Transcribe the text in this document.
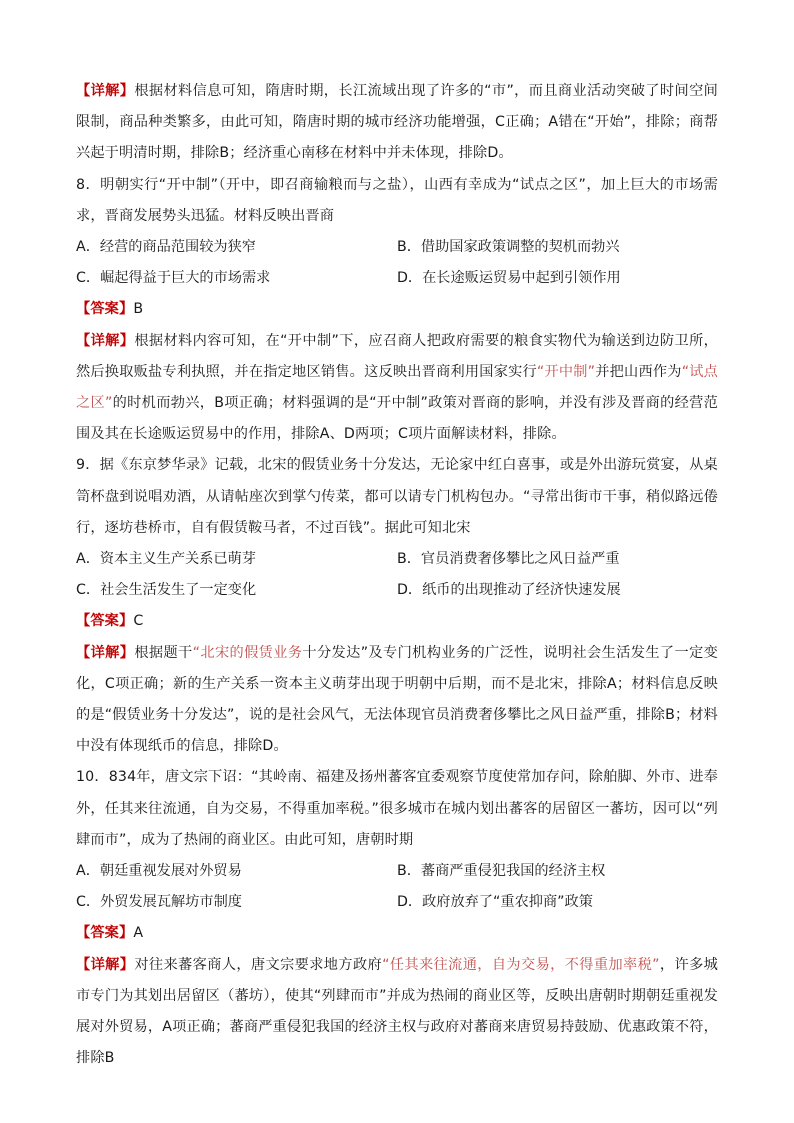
【详解】根据材料信息可知，隋唐时期，长江流域出现了许多的“市”，而且商业活动突破了时间空间限制，商品种类繁多，由此可知，隋唐时期的城市经济功能增强，C正确；A错在“开始”，排除；商帮兴起于明清时期，排除B；经济重心南移在材料中并未体现，排除D。

8．明朝实行“开中制”（开中，即召商输粮而与之盐），山西有幸成为“试点之区”，加上巨大的市场需求，晋商发展势头迅猛。材料反映出晋商

A．经营的商品范围较为狭窄	B．借助国家政策调整的契机而勃兴
C．崛起得益于巨大的市场需求	D．在长途贩运贸易中起到引领作用

【答案】B

【详解】根据材料内容可知，在“开中制”下，应召商人把政府需要的粮食实物代为输送到边防卫所，然后换取贩盐专利执照，并在指定地区销售。这反映出晋商利用国家实行“开中制”并把山西作为“试点之区”的时机而勃兴，B项正确；材料强调的是“开中制”政策对晋商的影响，并没有涉及晋商的经营范围及其在长途贩运贸易中的作用，排除A、D两项；C项片面解读材料，排除。

9．据《东京梦华录》记载，北宋的假赁业务十分发达，无论家中红白喜事，或是外出游玩赏宴，从桌笥杯盘到说唱劝酒，从请帖座次到掌勺传菜，都可以请专门机构包办。“寻常出街市干事，稍似路远倦行，逐坊巷桥市，自有假赁鞍马者，不过百钱”。据此可知北宋

A．资本主义生产关系已萌芽	B．官员消费奢侈攀比之风日益严重
C．社会生活发生了一定变化	D．纸币的出现推动了经济快速发展

【答案】C

【详解】根据题干“北宋的假赁业务十分发达”及专门机构业务的广泛性，说明社会生活发生了一定变化，C项正确；新的生产关系一资本主义萌芽出现于明朝中后期，而不是北宋，排除A；材料信息反映的是“假赁业务十分发达”，说的是社会风气，无法体现官员消费奢侈攀比之风日益严重，排除B；材料中没有体现纸币的信息，排除D。

10．834年，唐文宗下诏：“其岭南、福建及扬州蕃客宜委观察节度使常加存问，除舶脚、外市、进奉外，任其来往流通，自为交易，不得重加率税。”很多城市在城内划出蕃客的居留区一蕃坊，因可以“列肆而市”，成为了热闹的商业区。由此可知，唐朝时期

A．朝廷重视发展对外贸易	B．蕃商严重侵犯我国的经济主权
C．外贸发展瓦解坊市制度	D．政府放弃了“重农抑商”政策

【答案】A

【详解】对往来蕃客商人，唐文宗要求地方政府“任其来往流通，自为交易，不得重加率税”，许多城市专门为其划出居留区（蕃坊），使其“列肆而市”并成为热闹的商业区等，反映出唐朝时期朝廷重视发展对外贸易，A项正确；蕃商严重侵犯我国的经济主权与政府对蕃商来唐贸易持鼓励、优惠政策不符，排除B
